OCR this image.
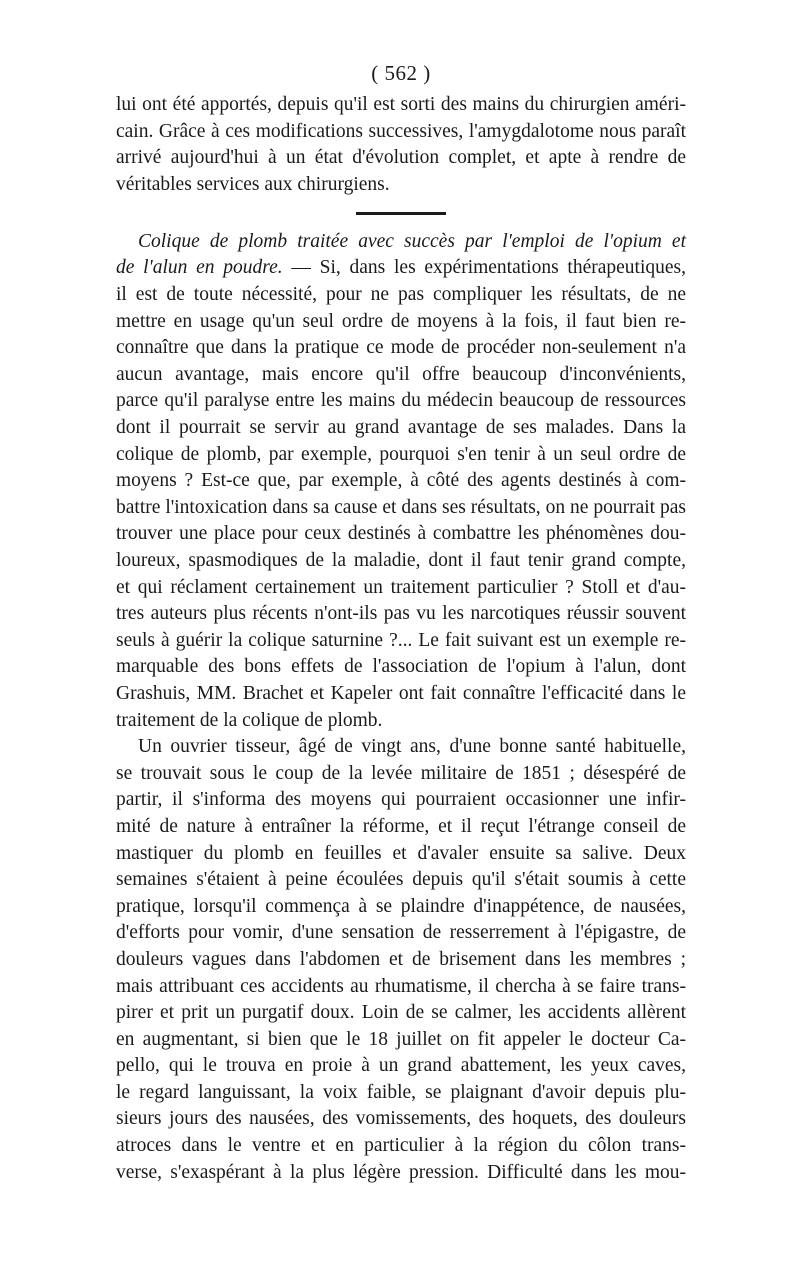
( 562 )
lui ont été apportés, depuis qu'il est sorti des mains du chirurgien améri-
cain. Grâce à ces modifications successives, l'amygdalotome nous paraît
arrivé aujourd'hui à un état d'évolution complet, et apte à rendre de
véritables services aux chirurgiens.
Colique de plomb traitée avec succès par l'emploi de l'opium et
de l'alun en poudre. — Si, dans les expérimentations thérapeutiques,
il est de toute nécessité, pour ne pas compliquer les résultats, de ne
mettre en usage qu'un seul ordre de moyens à la fois, il faut bien re-
connaître que dans la pratique ce mode de procéder non-seulement n'a
aucun avantage, mais encore qu'il offre beaucoup d'inconvénients,
parce qu'il paralyse entre les mains du médecin beaucoup de ressources
dont il pourrait se servir au grand avantage de ses malades. Dans la
colique de plomb, par exemple, pourquoi s'en tenir à un seul ordre de
moyens ? Est-ce que, par exemple, à côté des agents destinés à com-
battre l'intoxication dans sa cause et dans ses résultats, on ne pourrait pas
trouver une place pour ceux destinés à combattre les phénomènes dou-
loureux, spasmodiques de la maladie, dont il faut tenir grand compte,
et qui réclament certainement un traitement particulier ? Stoll et d'au-
tres auteurs plus récents n'ont-ils pas vu les narcotiques réussir souvent
seuls à guérir la colique saturnine ?... Le fait suivant est un exemple re-
marquable des bons effets de l'association de l'opium à l'alun, dont
Grashuis, MM. Brachet et Kapeler ont fait connaître l'efficacité dans le
traitement de la colique de plomb.
Un ouvrier tisseur, âgé de vingt ans, d'une bonne santé habituelle,
se trouvait sous le coup de la levée militaire de 1851 ; désespéré de
partir, il s'informa des moyens qui pourraient occasionner une infir-
mité de nature à entraîner la réforme, et il reçut l'étrange conseil de
mastiquer du plomb en feuilles et d'avaler ensuite sa salive. Deux
semaines s'étaient à peine écoulées depuis qu'il s'était soumis à cette
pratique, lorsqu'il commença à se plaindre d'inappétence, de nausées,
d'efforts pour vomir, d'une sensation de resserrement à l'épigastre, de
douleurs vagues dans l'abdomen et de brisement dans les membres ;
mais attribuant ces accidents au rhumatisme, il chercha à se faire trans-
pirer et prit un purgatif doux. Loin de se calmer, les accidents allèrent
en augmentant, si bien que le 18 juillet on fit appeler le docteur Ca-
pello, qui le trouva en proie à un grand abattement, les yeux caves,
le regard languissant, la voix faible, se plaignant d'avoir depuis plu-
sieurs jours des nausées, des vomissements, des hoquets, des douleurs
atroces dans le ventre et en particulier à la région du côlon trans-
verse, s'exaspérant à la plus légère pression. Difficulté dans les mou-
